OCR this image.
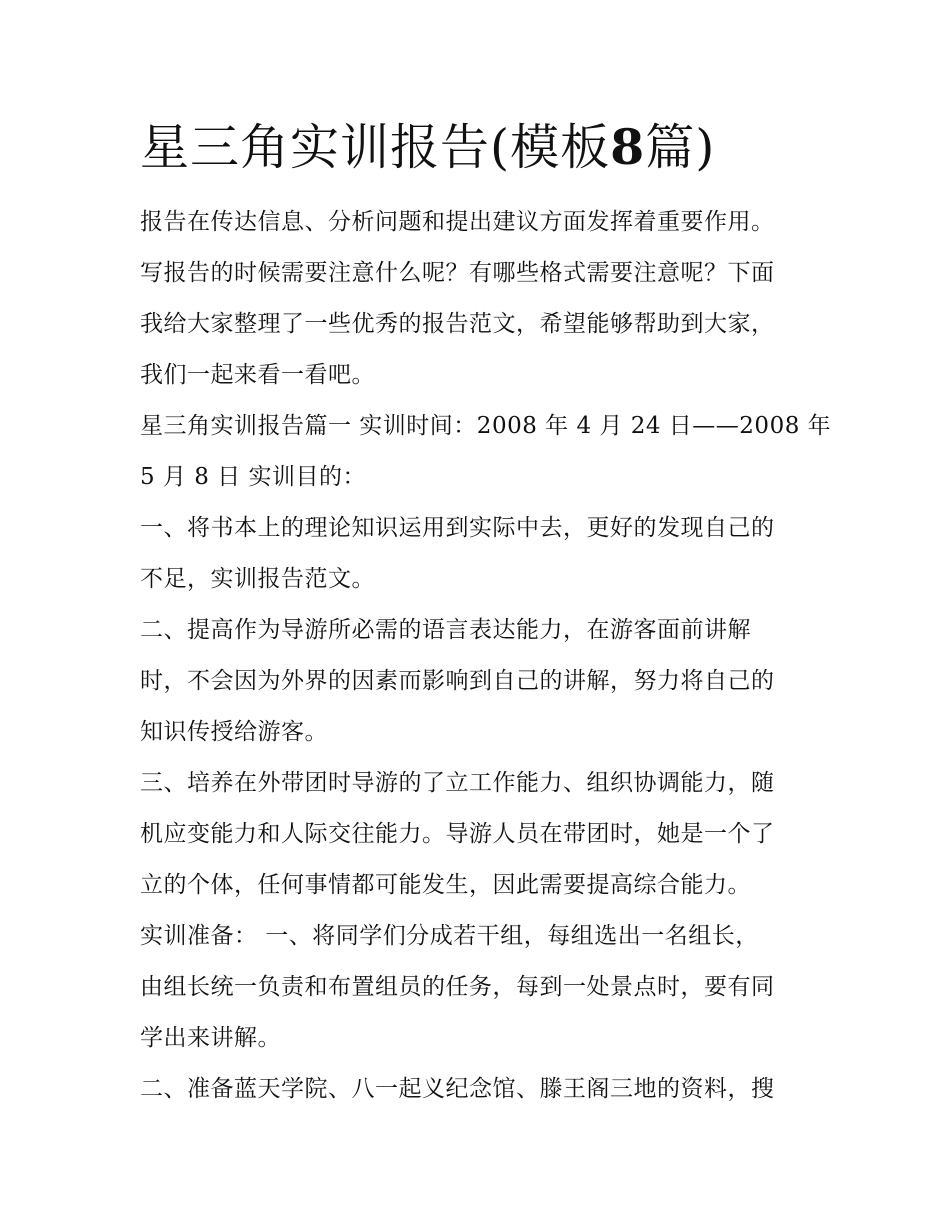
星三角实训报告(模板8篇)
报告在传达信息、分析问题和提出建议方面发挥着重要作用。
写报告的时候需要注意什么呢？有哪些格式需要注意呢？下面
我给大家整理了一些优秀的报告范文，希望能够帮助到大家，
我们一起来看一看吧。
星三角实训报告篇一 实训时间：2008 年 4 月 24 日——2008 年
5 月 8 日 实训目的：
一、将书本上的理论知识运用到实际中去，更好的发现自己的
不足，实训报告范文。
二、提高作为导游所必需的语言表达能力，在游客面前讲解
时，不会因为外界的因素而影响到自己的讲解，努力将自己的
知识传授给游客。
三、培养在外带团时导游的了立工作能力、组织协调能力，随
机应变能力和人际交往能力。导游人员在带团时，她是一个了
立的个体，任何事情都可能发生，因此需要提高综合能力。
实训准备： 一、将同学们分成若干组，每组选出一名组长，
由组长统一负责和布置组员的任务，每到一处景点时，要有同
学出来讲解。
二、准备蓝天学院、八一起义纪念馆、滕王阁三地的资料，搜
